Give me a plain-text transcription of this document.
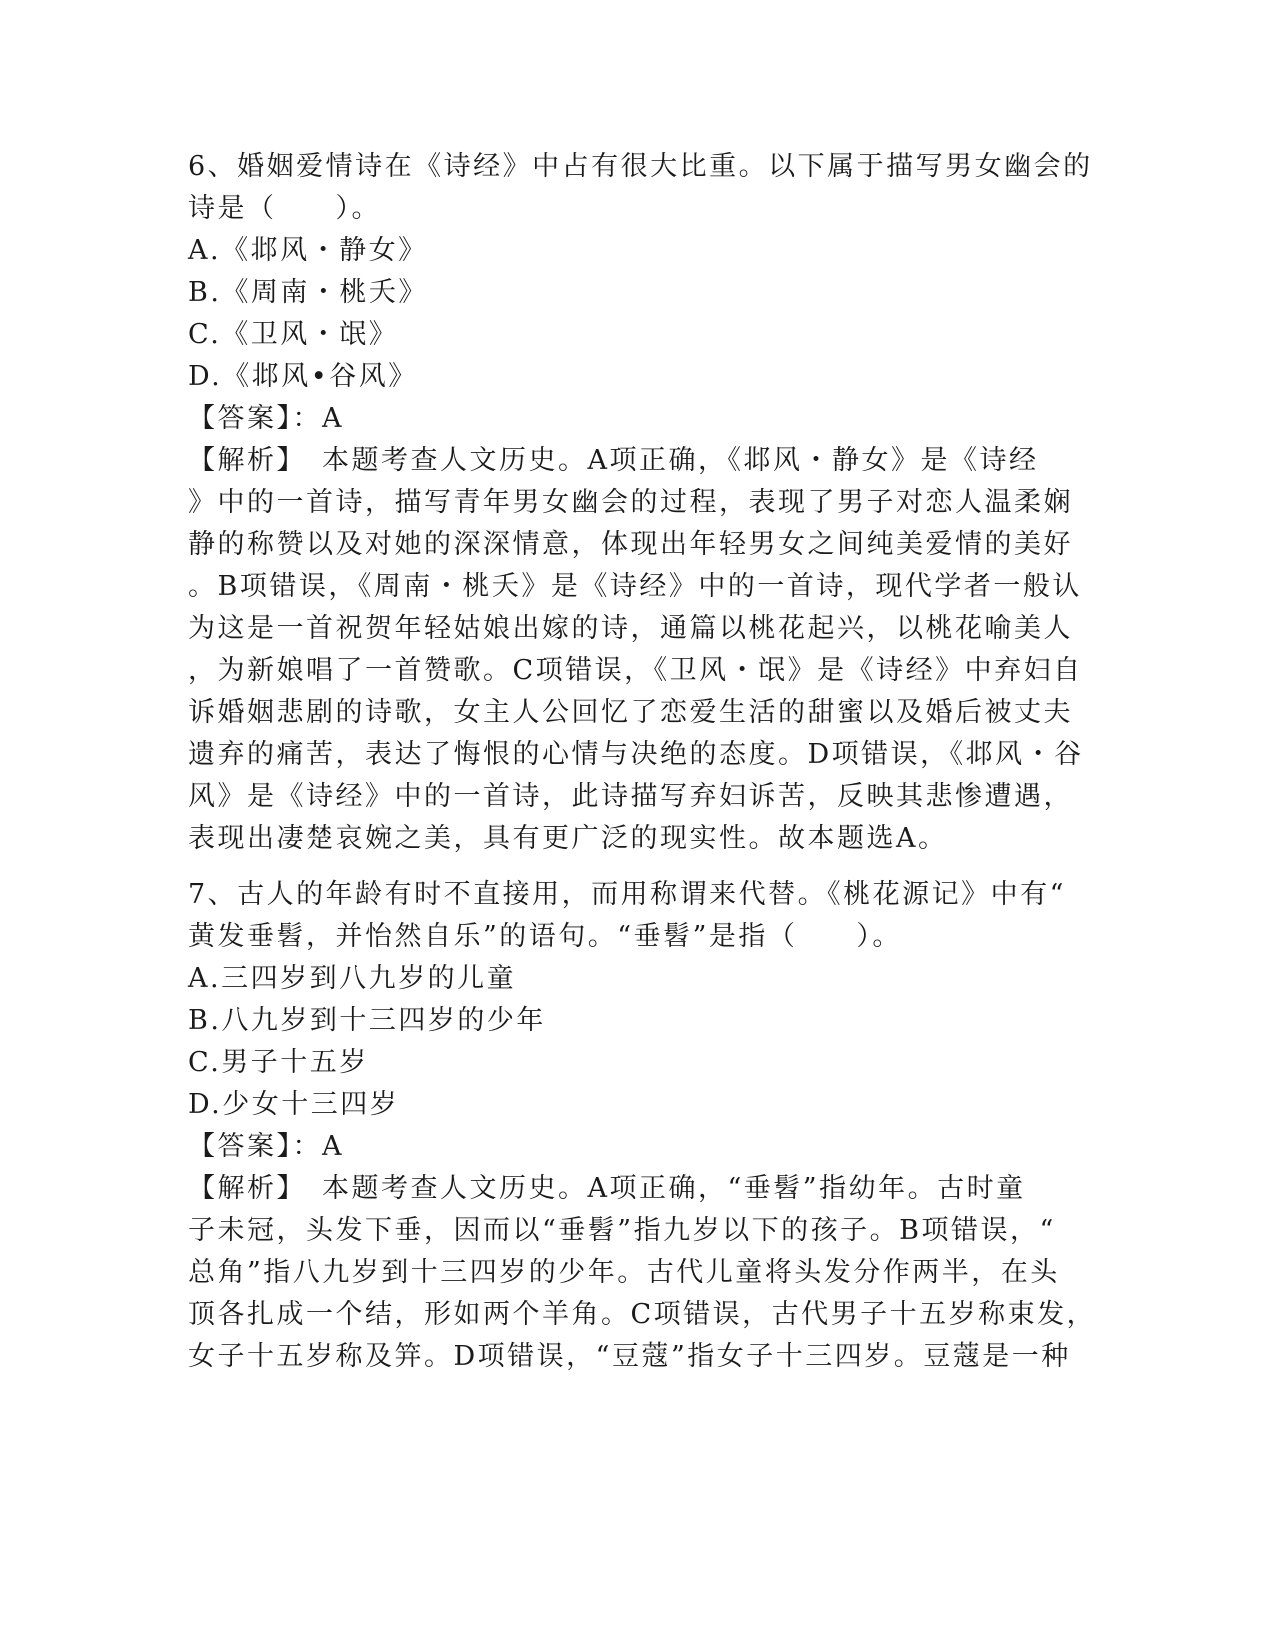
6、婚姻爱情诗在《诗经》中占有很大比重。以下属于描写男女幽会的
诗是（　　）。
A.《邶风・静女》
B.《周南・桃夭》
C.《卫风・氓》
D.《邶风•谷风》
【答案】：A
【解析】　本题考查人文历史。A项正确，《邶风・静女》是《诗经
》中的一首诗，描写青年男女幽会的过程，表现了男子对恋人温柔娴
静的称赞以及对她的深深情意，体现出年轻男女之间纯美爱情的美好
。B项错误，《周南・桃夭》是《诗经》中的一首诗，现代学者一般认
为这是一首祝贺年轻姑娘出嫁的诗，通篇以桃花起兴，以桃花喻美人
，为新娘唱了一首赞歌。C项错误，《卫风・氓》是《诗经》中弃妇自
诉婚姻悲剧的诗歌，女主人公回忆了恋爱生活的甜蜜以及婚后被丈夫
遗弃的痛苦，表达了悔恨的心情与决绝的态度。D项错误，《邶风・谷
风》是《诗经》中的一首诗，此诗描写弃妇诉苦，反映其悲惨遭遇，
表现出凄楚哀婉之美，具有更广泛的现实性。故本题选A。
7、古人的年龄有时不直接用，而用称谓来代替。《桃花源记》中有“
黄发垂髫，并怡然自乐”的语句。“垂髫”是指（　　）。
A.三四岁到八九岁的儿童
B.八九岁到十三四岁的少年
C.男子十五岁
D.少女十三四岁
【答案】：A
【解析】　本题考查人文历史。A项正确，“垂髫”指幼年。古时童
子未冠，头发下垂，因而以“垂髫”指九岁以下的孩子。B项错误，“
总角”指八九岁到十三四岁的少年。古代儿童将头发分作两半，在头
顶各扎成一个结，形如两个羊角。C项错误，古代男子十五岁称束发，
女子十五岁称及笄。D项错误，“豆蔻”指女子十三四岁。豆蔻是一种
